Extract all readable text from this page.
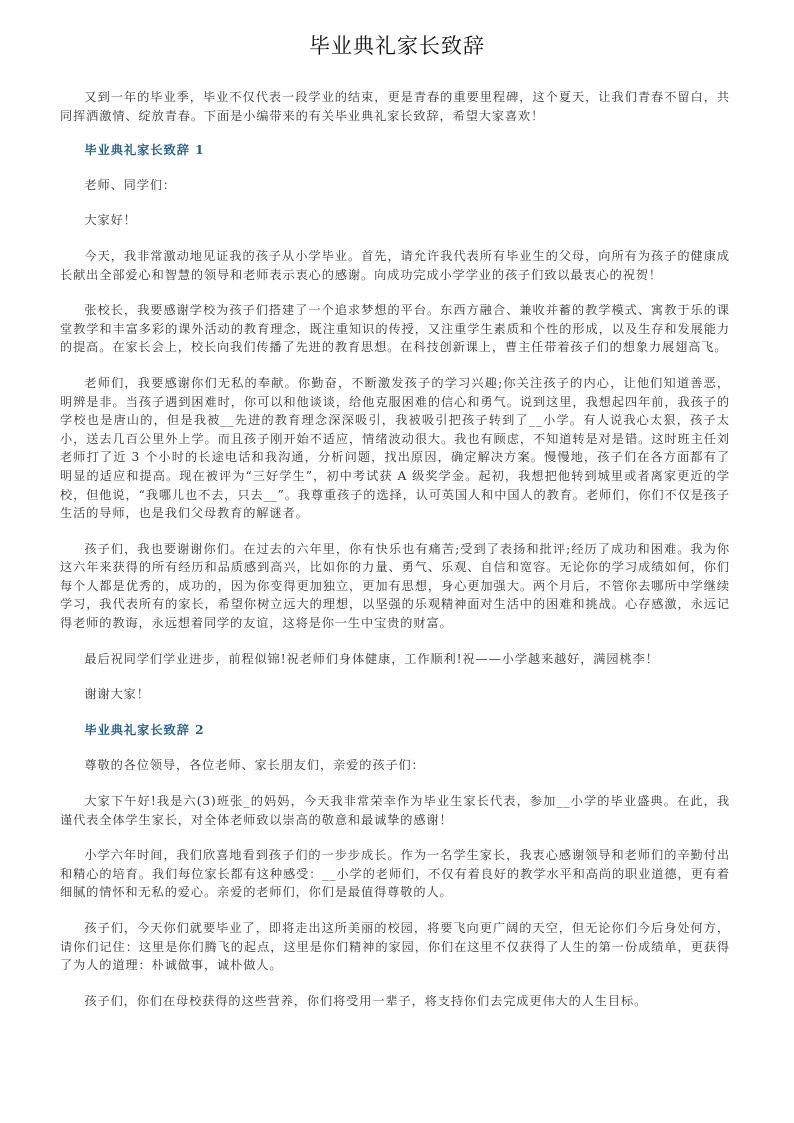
毕业典礼家长致辞

又到一年的毕业季，毕业不仅代表一段学业的结束，更是青春的重要里程碑，这个夏天，让我们青春不留白，共同挥洒激情、绽放青春。下面是小编带来的有关毕业典礼家长致辞，希望大家喜欢！

毕业典礼家长致辞 1

老师、同学们：

大家好！

今天，我非常激动地见证我的孩子从小学毕业。首先，请允许我代表所有毕业生的父母，向所有为孩子的健康成长献出全部爱心和智慧的领导和老师表示衷心的感谢。向成功完成小学学业的孩子们致以最衷心的祝贺！

张校长，我要感谢学校为孩子们搭建了一个追求梦想的平台。东西方融合、兼收并蓄的教学模式、寓教于乐的课堂教学和丰富多彩的课外活动的教育理念，既注重知识的传授，又注重学生素质和个性的形成，以及生存和发展能力的提高。在家长会上，校长向我们传播了先进的教育思想。在科技创新课上，曹主任带着孩子们的想象力展翅高飞。

老师们，我要感谢你们无私的奉献。你勤奋，不断激发孩子的学习兴趣;你关注孩子的内心，让他们知道善恶，明辨是非。当孩子遇到困难时，你可以和他谈谈，给他克服困难的信心和勇气。说到这里，我想起四年前，我孩子的学校也是唐山的，但是我被__先进的教育理念深深吸引，我被吸引把孩子转到了__小学。有人说我心太狠，孩子太小，送去几百公里外上学。而且孩子刚开始不适应，情绪波动很大。我也有顾虑，不知道转是对是错。这时班主任刘老师打了近 3 个小时的长途电话和我沟通，分析问题，找出原因，确定解决方案。慢慢地，孩子们在各方面都有了明显的适应和提高。现在被评为“三好学生”，初中考试获 A 级奖学金。起初，我想把他转到城里或者离家更近的学校，但他说，“我哪儿也不去，只去__”。我尊重孩子的选择，认可英国人和中国人的教育。老师们，你们不仅是孩子生活的导师，也是我们父母教育的解谜者。

孩子们，我也要谢谢你们。在过去的六年里，你有快乐也有痛苦;受到了表扬和批评;经历了成功和困难。我为你这六年来获得的所有经历和品质感到高兴，比如你的力量、勇气、乐观、自信和宽容。无论你的学习成绩如何，你们每个人都是优秀的，成功的，因为你变得更加独立，更加有思想，身心更加强大。两个月后，不管你去哪所中学继续学习，我代表所有的家长，希望你树立远大的理想，以坚强的乐观精神面对生活中的困难和挑战。心存感激，永远记得老师的教诲，永远想着同学的友谊，这将是你一生中宝贵的财富。

最后祝同学们学业进步，前程似锦!祝老师们身体健康，工作顺利!祝——小学越来越好，满园桃李！

谢谢大家！

毕业典礼家长致辞 2

尊敬的各位领导，各位老师、家长朋友们，亲爱的孩子们：

大家下午好!我是六(3)班张_的妈妈，今天我非常荣幸作为毕业生家长代表，参加__小学的毕业盛典。在此，我谨代表全体学生家长，对全体老师致以崇高的敬意和最诚挚的感谢！

小学六年时间，我们欣喜地看到孩子们的一步步成长。作为一名学生家长，我衷心感谢领导和老师们的辛勤付出和精心的培育。我们每位家长都有这种感受：__小学的老师们，不仅有着良好的教学水平和高尚的职业道德，更有着细腻的情怀和无私的爱心。亲爱的老师们，你们是最值得尊敬的人。

孩子们，今天你们就要毕业了，即将走出这所美丽的校园，将要飞向更广阔的天空，但无论你们今后身处何方，请你们记住：这里是你们腾飞的起点，这里是你们精神的家园，你们在这里不仅获得了人生的第一份成绩单，更获得了为人的道理：朴诚做事，诚朴做人。

孩子们，你们在母校获得的这些营养，你们将受用一辈子，将支持你们去完成更伟大的人生目标。
